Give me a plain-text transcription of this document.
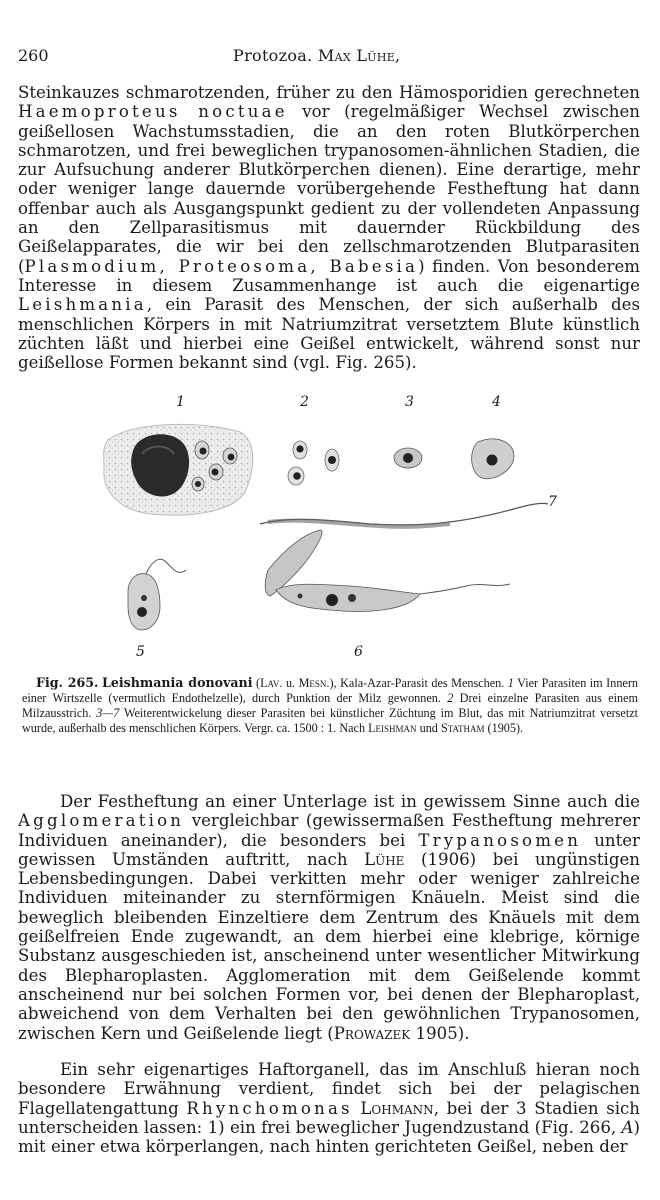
260	Protozoa. Max Lühe,

Steinkauzes schmarotzenden, früher zu den Hämosporidien gerechneten Haemoproteus noctuae vor (regelmäßiger Wechsel zwischen geißellosen Wachstumsstadien, die an den roten Blutkörperchen schmarotzen, und frei beweglichen trypanosomen-ähnlichen Stadien, die zur Aufsuchung anderer Blutkörperchen dienen). Eine derartige, mehr oder weniger lange dauernde vorübergehende Festheftung hat dann offenbar auch als Ausgangspunkt gedient zu der vollendeten Anpassung an den Zellparasitismus mit dauernder Rückbildung des Geißelapparates, die wir bei den zellschmarotzenden Blutparasiten (Plasmodium, Proteosoma, Babesia) finden. Von besonderem Interesse in diesem Zusammenhange ist auch die eigenartige Leishmania, ein Parasit des Menschen, der sich außerhalb des menschlichen Körpers in mit Natriumzitrat versetztem Blute künstlich züchten läßt und hierbei eine Geißel entwickelt, während sonst nur geißellose Formen bekannt sind (vgl. Fig. 265).

1	2	3	4
7
5	6
Fig. 265. Leishmania donovani (Lav. u. Mesn.), Kala-Azar-Parasit des Menschen. 1 Vier Parasiten im Innern einer Wirtszelle (vermutlich Endothelzelle), durch Punktion der Milz gewonnen. 2 Drei einzelne Parasiten aus einem Milzausstrich. 3—7 Weiterentwickelung dieser Parasiten bei künstlicher Züchtung im Blut, das mit Natriumzitrat versetzt wurde, außerhalb des menschlichen Körpers. Vergr. ca. 1500 : 1. Nach Leishman und Statham (1905).

Der Festheftung an einer Unterlage ist in gewissem Sinne auch die Agglomeration vergleichbar (gewissermaßen Festheftung mehrerer Individuen aneinander), die besonders bei Trypanosomen unter gewissen Umständen auftritt, nach Lühe (1906) bei ungünstigen Lebensbedingungen. Dabei verkitten mehr oder weniger zahlreiche Individuen miteinander zu sternförmigen Knäueln. Meist sind die beweglich bleibenden Einzeltiere dem Zentrum des Knäuels mit dem geißelfreien Ende zugewandt, an dem hierbei eine klebrige, körnige Substanz ausgeschieden ist, anscheinend unter wesentlicher Mitwirkung des Blepharoplasten. Agglomeration mit dem Geißelende kommt anscheinend nur bei solchen Formen vor, bei denen der Blepharoplast, abweichend von dem Verhalten bei den gewöhnlichen Trypanosomen, zwischen Kern und Geißelende liegt (Prowazek 1905).

Ein sehr eigenartiges Haftorganell, das im Anschluß hieran noch besondere Erwähnung verdient, findet sich bei der pelagischen Flagellatengattung Rhynchomonas Lohmann, bei der 3 Stadien sich unterscheiden lassen: 1) ein frei beweglicher Jugendzustand (Fig. 266, A) mit einer etwa körperlangen, nach hinten gerichteten Geißel, neben der
